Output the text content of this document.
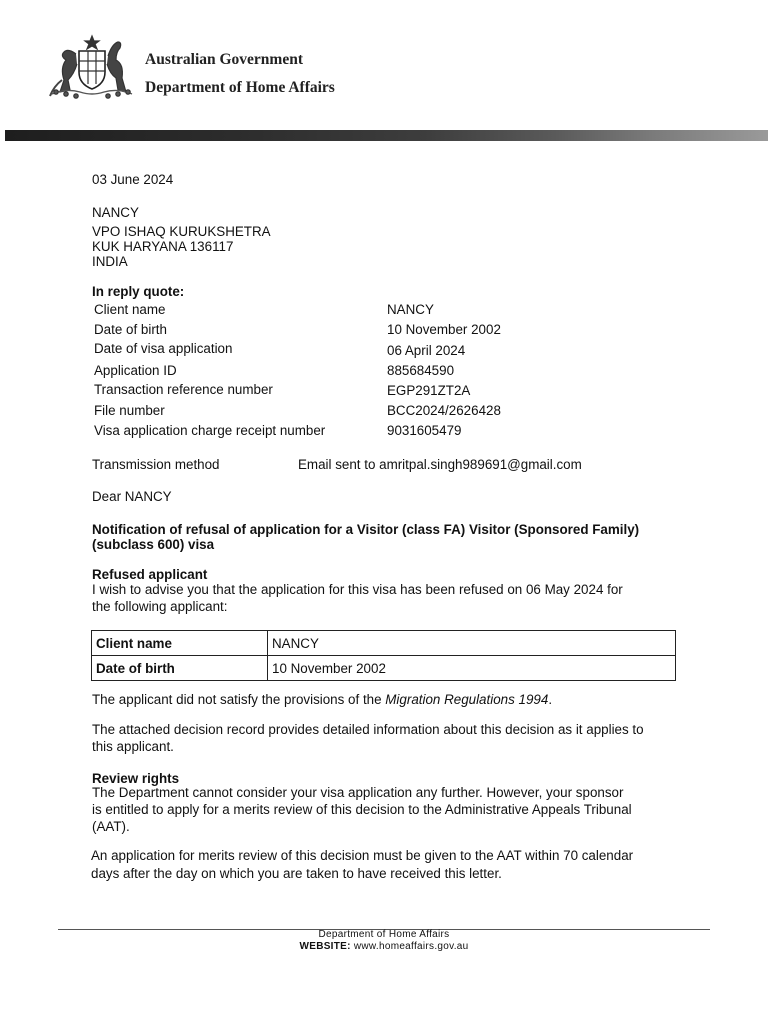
Australian Government
Department of Home Affairs
03 June 2024
NANCY
VPO ISHAQ KURUKSHETRA
KUK HARYANA 136117
INDIA
In reply quote:
Client name	NANCY
Date of birth	10 November 2002
Date of visa application	06 April 2024
Application ID	885684590
Transaction reference number	EGP291ZT2A
File number	BCC2024/2626428
Visa application charge receipt number	9031605479
Transmission method	Email sent to amritpal.singh989691@gmail.com
Dear NANCY
Notification of refusal of application for a Visitor (class FA) Visitor (Sponsored Family)
(subclass 600) visa
Refused applicant
I wish to advise you that the application for this visa has been refused on 06 May 2024 for
the following applicant:
Client name	NANCY
Date of birth	10 November 2002
The applicant did not satisfy the provisions of the Migration Regulations 1994.
The attached decision record provides detailed information about this decision as it applies to
this applicant.
Review rights
The Department cannot consider your visa application any further. However, your sponsor
is entitled to apply for a merits review of this decision to the Administrative Appeals Tribunal
(AAT).
An application for merits review of this decision must be given to the AAT within 70 calendar
days after the day on which you are taken to have received this letter.
Department of Home Affairs
WEBSITE: www.homeaffairs.gov.au
